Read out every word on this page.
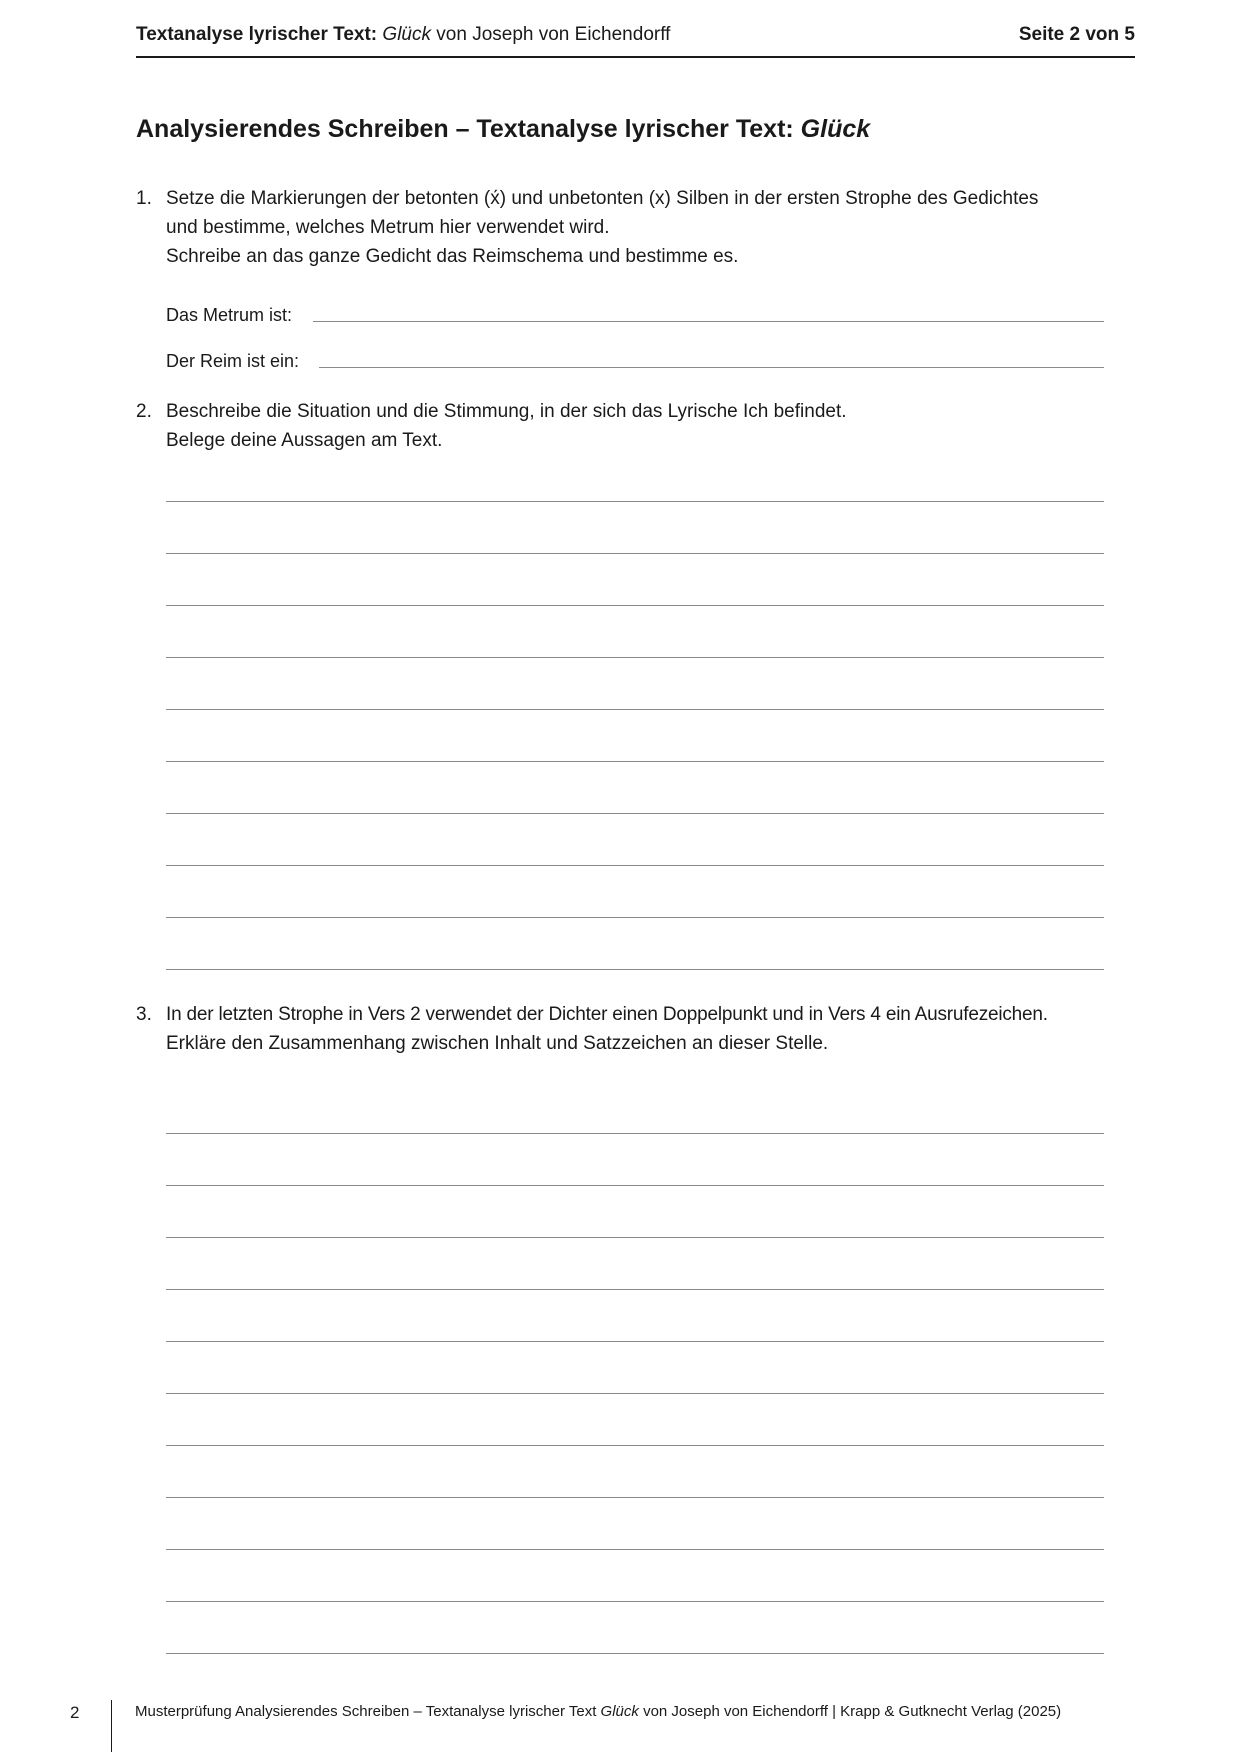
Textanalyse lyrischer Text: Glück von Joseph von Eichendorff	Seite 2 von 5
Analysierendes Schreiben – Textanalyse lyrischer Text: Glück
1. Setze die Markierungen der betonten (x́) und unbetonten (x) Silben in der ersten Strophe des Gedichtes
und bestimme, welches Metrum hier verwendet wird.
Schreibe an das ganze Gedicht das Reimschema und bestimme es.
Das Metrum ist:
Der Reim ist ein:
2. Beschreibe die Situation und die Stimmung, in der sich das Lyrische Ich befindet.
Belege deine Aussagen am Text.
3. In der letzten Strophe in Vers 2 verwendet der Dichter einen Doppelpunkt und in Vers 4 ein Ausrufezeichen.
Erkläre den Zusammenhang zwischen Inhalt und Satzzeichen an dieser Stelle.
2	Musterprüfung Analysierendes Schreiben – Textanalyse lyrischer Text Glück von Joseph von Eichendorff | Krapp & Gutknecht Verlag (2025)
